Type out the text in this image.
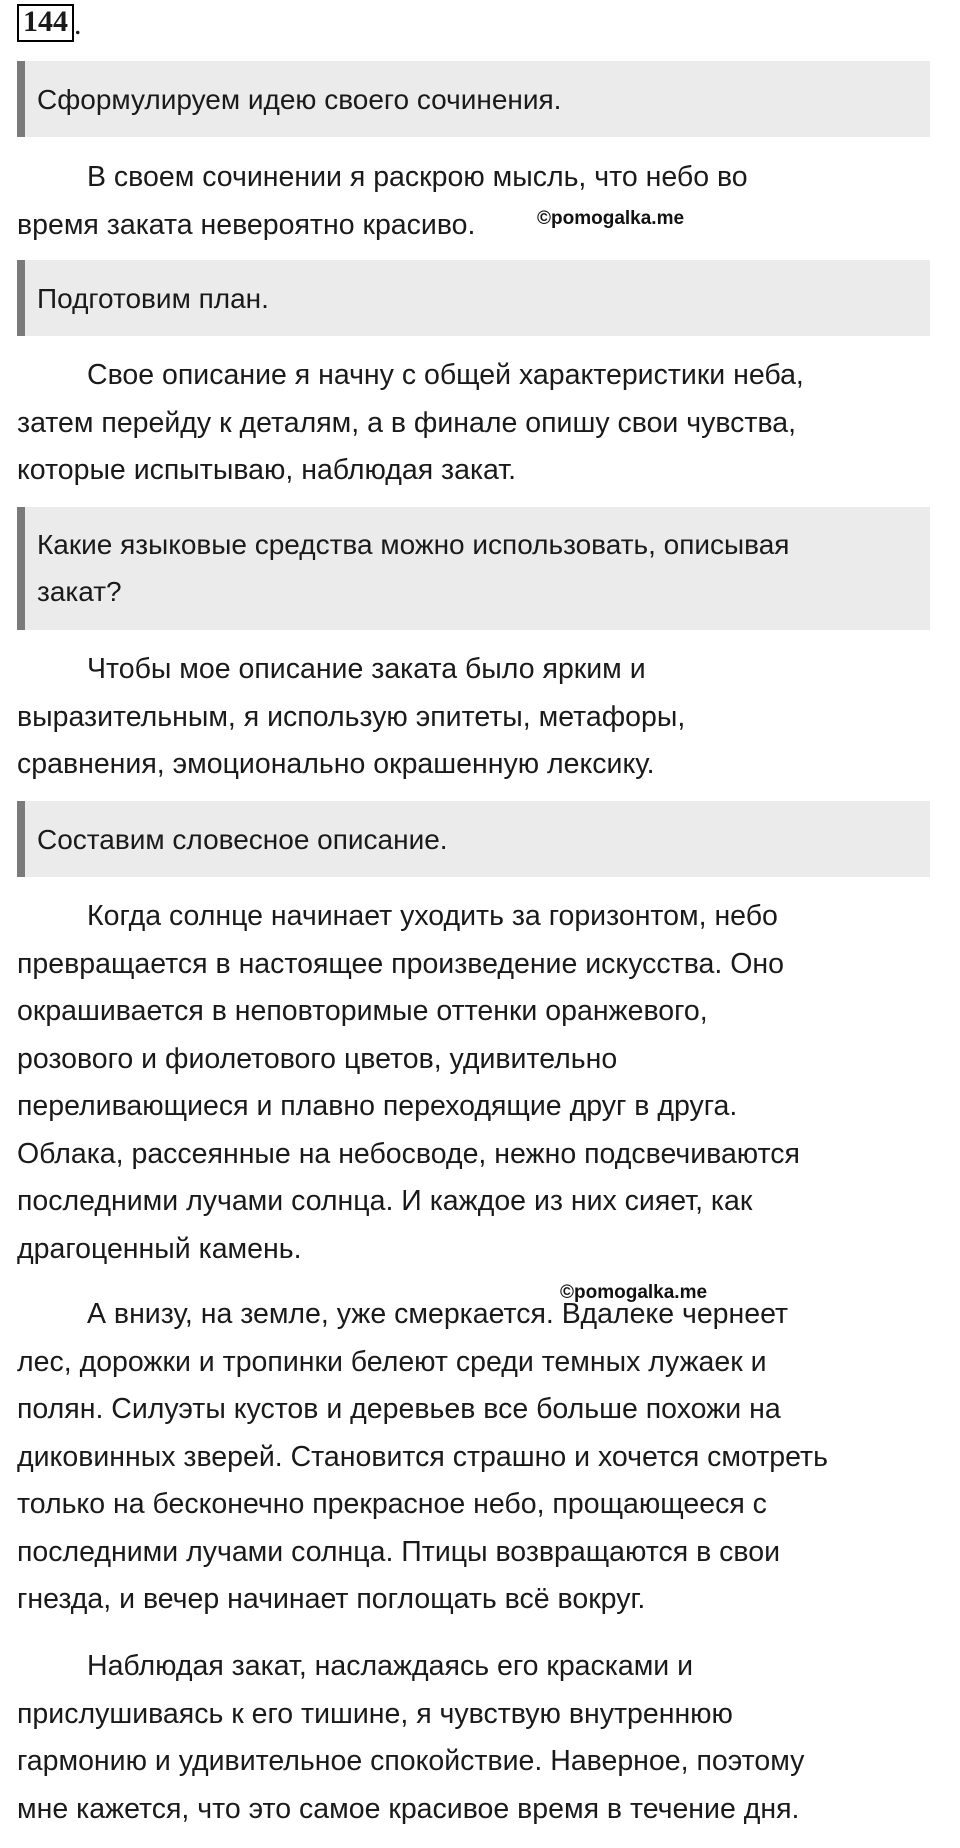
144 .
Сформулируем идею своего сочинения.
В своем сочинении я раскрою мысль, что небо во
время заката невероятно красиво.	©pomogalka.me
Подготовим план.
Свое описание я начну с общей характеристики неба,
затем перейду к деталям, а в финале опишу свои чувства,
которые испытываю, наблюдая закат.
Какие языковые средства можно использовать, описывая
закат?
Чтобы мое описание заката было ярким и
выразительным, я использую эпитеты, метафоры,
сравнения, эмоционально окрашенную лексику.
Составим словесное описание.
Когда солнце начинает уходить за горизонтом, небо
превращается в настоящее произведение искусства. Оно
окрашивается в неповторимые оттенки оранжевого,
розового и фиолетового цветов, удивительно
переливающиеся и плавно переходящие друг в друга.
Облака, рассеянные на небосводе, нежно подсвечиваются
последними лучами солнца. И каждое из них сияет, как
драгоценный камень.
©pomogalka.me
А внизу, на земле, уже смеркается. Вдалеке чернеет
лес, дорожки и тропинки белеют среди темных лужаек и
полян. Силуэты кустов и деревьев все больше похожи на
диковинных зверей. Становится страшно и хочется смотреть
только на бесконечно прекрасное небо, прощающееся с
последними лучами солнца. Птицы возвращаются в свои
гнезда, и вечер начинает поглощать всё вокруг.
Наблюдая закат, наслаждаясь его красками и
прислушиваясь к его тишине, я чувствую внутреннюю
гармонию и удивительное спокойствие. Наверное, поэтому
мне кажется, что это самое красивое время в течение дня.
